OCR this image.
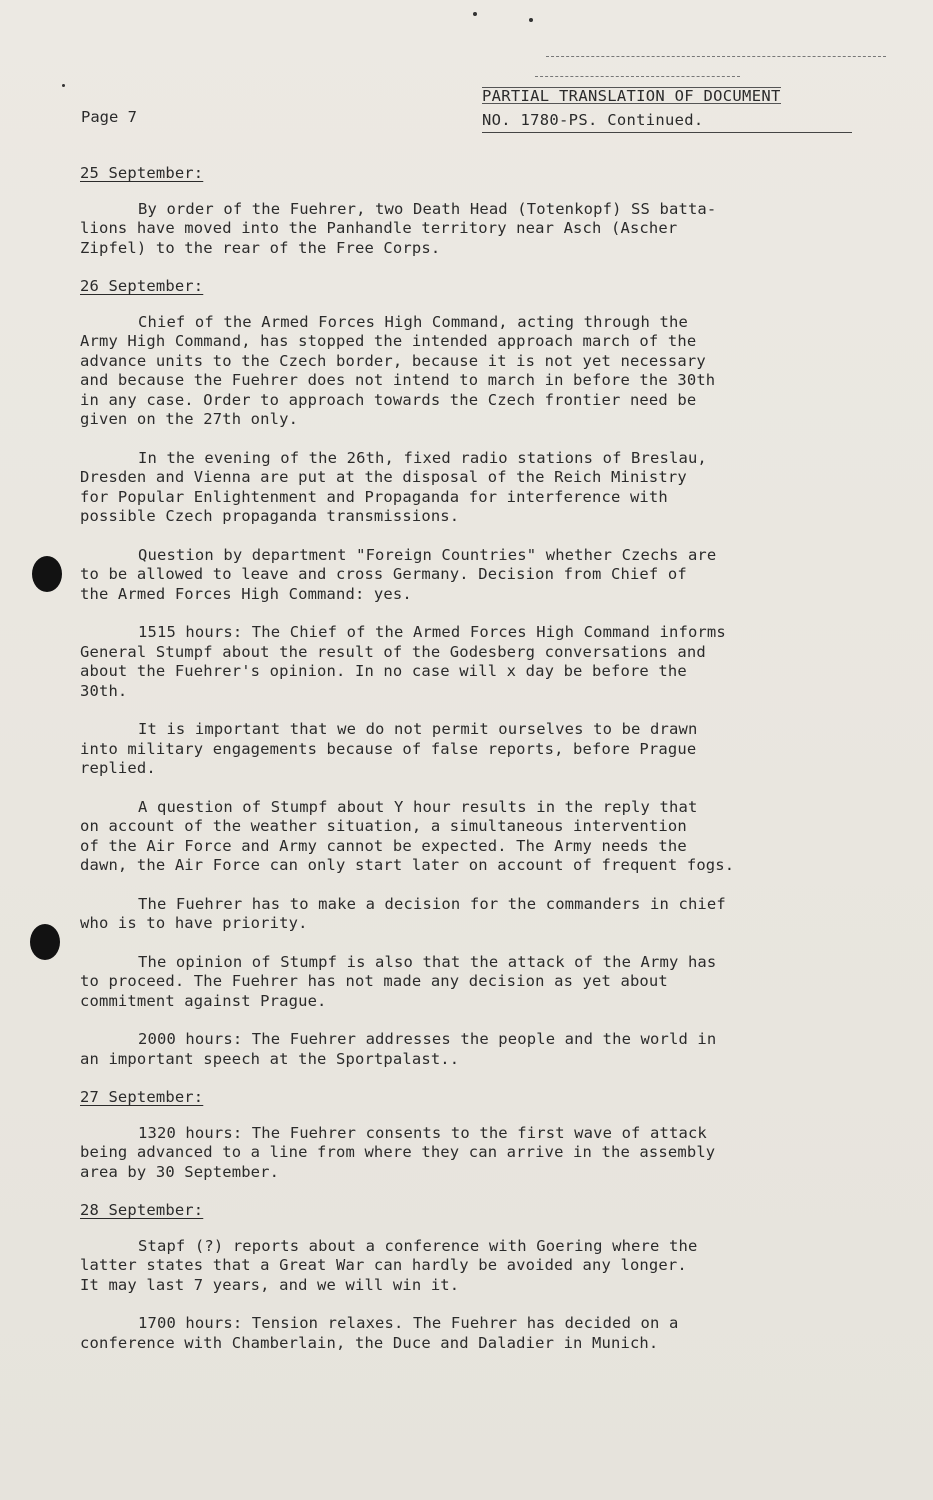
Page 7
PARTIAL TRANSLATION OF DOCUMENT
NO. 1780-PS. Continued.
25 September:

By order of the Fuehrer, two Death Head (Totenkopf) SS batta-
lions have moved into the Panhandle territory near Asch (Ascher
Zipfel) to the rear of the Free Corps.

26 September:

Chief of the Armed Forces High Command, acting through the
Army High Command, has stopped the intended approach march of the
advance units to the Czech border, because it is not yet necessary
and because the Fuehrer does not intend to march in before the 30th
in any case. Order to approach towards the Czech frontier need be
given on the 27th only.

In the evening of the 26th, fixed radio stations of Breslau,
Dresden and Vienna are put at the disposal of the Reich Ministry
for Popular Enlightenment and Propaganda for interference with
possible Czech propaganda transmissions.

Question by department "Foreign Countries" whether Czechs are
to be allowed to leave and cross Germany. Decision from Chief of
the Armed Forces High Command: yes.

1515 hours: The Chief of the Armed Forces High Command informs
General Stumpf about the result of the Godesberg conversations and
about the Fuehrer's opinion. In no case will x day be before the
30th.

It is important that we do not permit ourselves to be drawn
into military engagements because of false reports, before Prague
replied.

A question of Stumpf about Y hour results in the reply that
on account of the weather situation, a simultaneous intervention
of the Air Force and Army cannot be expected. The Army needs the
dawn, the Air Force can only start later on account of frequent fogs.

The Fuehrer has to make a decision for the commanders in chief
who is to have priority.

The opinion of Stumpf is also that the attack of the Army has
to proceed. The Fuehrer has not made any decision as yet about
commitment against Prague.

2000 hours: The Fuehrer addresses the people and the world in
an important speech at the Sportpalast..

27 September:

1320 hours: The Fuehrer consents to the first wave of attack
being advanced to a line from where they can arrive in the assembly
area by 30 September.

28 September:

Stapf (?) reports about a conference with Goering where the
latter states that a Great War can hardly be avoided any longer.
It may last 7 years, and we will win it.

1700 hours: Tension relaxes. The Fuehrer has decided on a
conference with Chamberlain, the Duce and Daladier in Munich.
